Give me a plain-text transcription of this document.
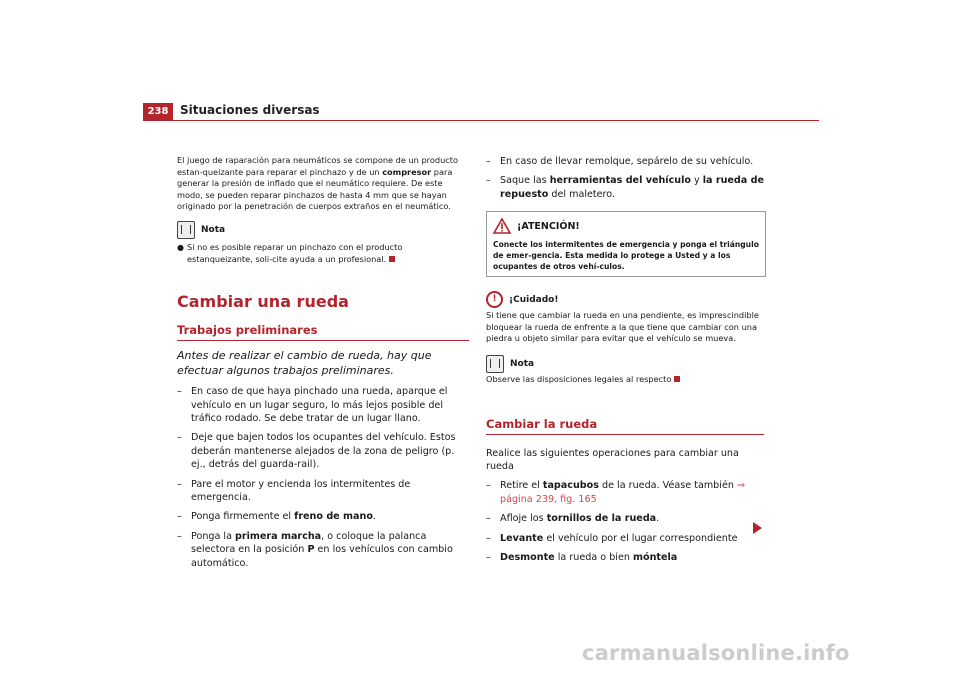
238 Situaciones diversas

El juego de raparación para neumáticos se compone de un producto estan-queizante para reparar el pinchazo y de un compresor para generar la presión de inflado que el neumático requiere. De este modo, se pueden reparar pinchazos de hasta 4 mm que se hayan originado por la penetración de cuerpos extraños en el neumático.

Nota
● Si no es posible reparar un pinchazo con el producto estanqueizante, soli-cite ayuda a un profesional.

Cambiar una rueda

Trabajos preliminares

Antes de realizar el cambio de rueda, hay que efectuar algunos trabajos preliminares.

– En caso de que haya pinchado una rueda, aparque el vehículo en un lugar seguro, lo más lejos posible del tráfico rodado. Se debe tratar de un lugar llano.
– Deje que bajen todos los ocupantes del vehículo. Estos deberán mantenerse alejados de la zona de peligro (p. ej., detrás del guarda-rail).
– Pare el motor y encienda los intermitentes de emergencia.
– Ponga firmemente el freno de mano.
– Ponga la primera marcha, o coloque la palanca selectora en la posición P en los vehículos con cambio automático.
– En caso de llevar remolque, sepárelo de su vehículo.
– Saque las herramientas del vehículo y la rueda de repuesto del maletero.
¡ATENCIÓN!

Conecte los intermitentes de emergencia y ponga el triángulo de emer-gencia. Esta medida lo protege a Usted y a los ocupantes de otros vehí-culos.

!	¡Cuidado!

Si tiene que cambiar la rueda en una pendiente, es imprescindible bloquear la rueda de enfrente a la que tiene que cambiar con una piedra u objeto similar para evitar que el vehículo se mueva.

Nota

Observe las disposiciones legales al respecto

Cambiar la rueda

Realice las siguientes operaciones para cambiar una rueda

– Retire el tapacubos de la rueda. Véase también ⇒ página 239, fig. 165
– Afloje los tornillos de la rueda.
– Levante el vehículo por el lugar correspondiente
– Desmonte la rueda o bien móntela
carmanualsonline.info
